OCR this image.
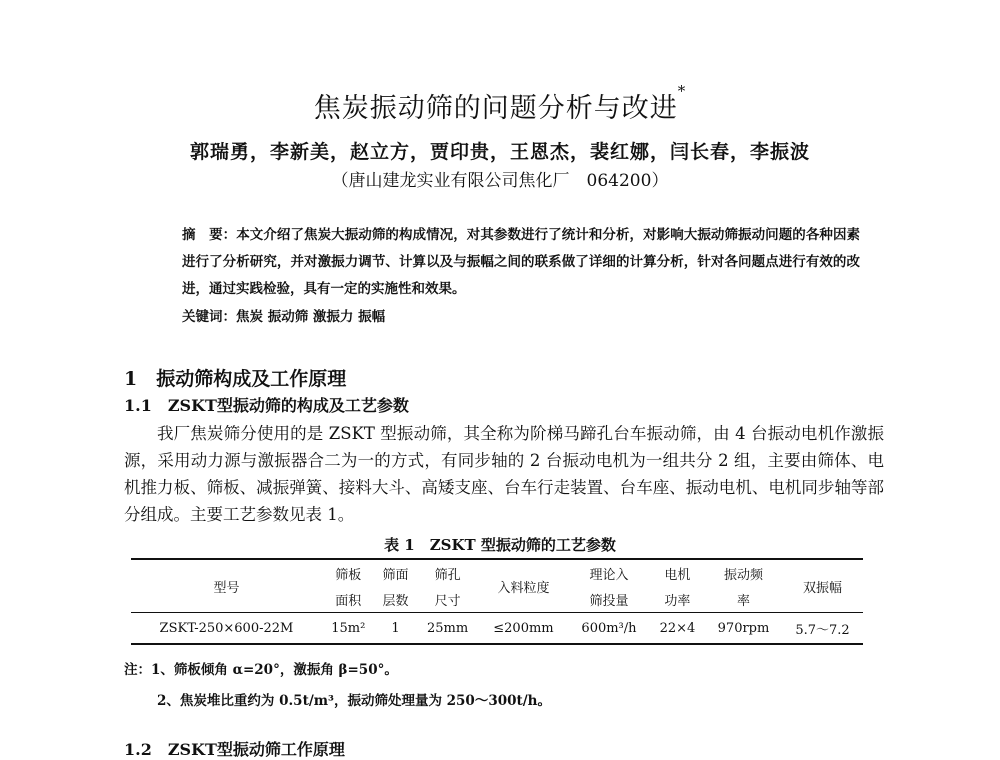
焦炭振动筛的问题分析与改进*
郭瑞勇，李新美，赵立方，贾印贵，王恩杰，裴红娜，闫长春，李振波
（唐山建龙实业有限公司焦化厂　064200）
摘　要：本文介绍了焦炭大振动筛的构成情况，对其参数进行了统计和分析，对影响大振动筛振动问题的各种因素进行了分析研究，并对激振力调节、计算以及与振幅之间的联系做了详细的计算分析，针对各问题点进行有效的改进，通过实践检验，具有一定的实施性和效果。
关键词：焦炭 振动筛 激振力 振幅
1　振动筛构成及工作原理
1.1　ZSKT型振动筛的构成及工艺参数
我厂焦炭筛分使用的是 ZSKT 型振动筛，其全称为阶梯马蹄孔台车振动筛，由 4 台振动电机作激振源，采用动力源与激振器合二为一的方式，有同步轴的 2 台振动电机为一组共分 2 组，主要由筛体、电机推力板、筛板、减振弹簧、接料大斗、高矮支座、台车行走装置、台车座、振动电机、电机同步轴等部分组成。主要工艺参数见表 1。
表 1　ZSKT 型振动筛的工艺参数
型号	筛板	筛面	筛孔	入料粒度	理论入	电机	振动频	双振幅
	面积	层数	尺寸		筛投量	功率	率	
ZSKT-250×600-22M	15m²	1	25mm	≤200mm	600m³/h	22×4	970rpm	5.7～7.2
注：1、筛板倾角 α=20°，激振角 β=50°。
2、焦炭堆比重约为 0.5t/m³，振动筛处理量为 250～300t/h。
1.2　ZSKT型振动筛工作原理
